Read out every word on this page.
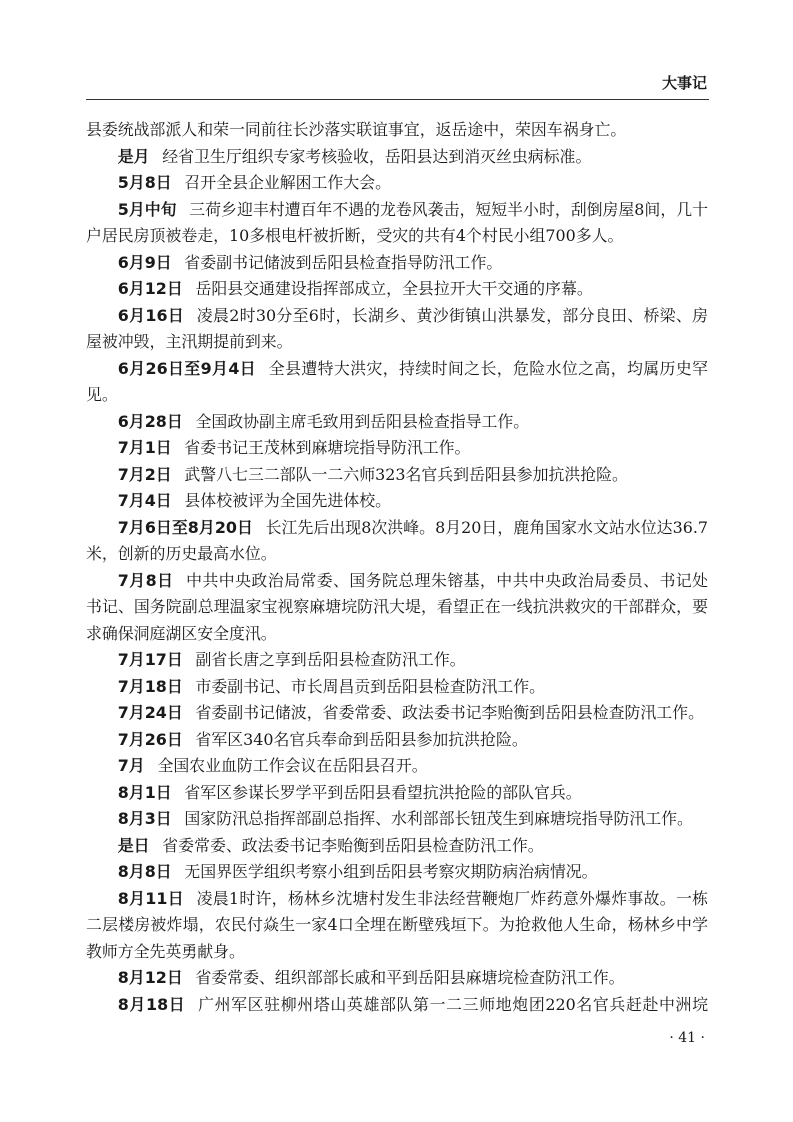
大事记

县委统战部派人和荣一同前往长沙落实联谊事宜，返岳途中，荣因车祸身亡。

是月 经省卫生厅组织专家考核验收，岳阳县达到消灭丝虫病标准。

5月8日 召开全县企业解困工作大会。

5月中旬 三荷乡迎丰村遭百年不遇的龙卷风袭击，短短半小时，刮倒房屋8间，几十户居民房顶被卷走，10多根电杆被折断，受灾的共有4个村民小组700多人。

6月9日 省委副书记储波到岳阳县检查指导防汛工作。

6月12日 岳阳县交通建设指挥部成立，全县拉开大干交通的序幕。

6月16日 凌晨2时30分至6时，长湖乡、黄沙街镇山洪暴发，部分良田、桥梁、房屋被冲毁，主汛期提前到来。

6月26日至9月4日 全县遭特大洪灾，持续时间之长，危险水位之高，均属历史罕见。

6月28日 全国政协副主席毛致用到岳阳县检查指导工作。

7月1日 省委书记王茂林到麻塘垸指导防汛工作。

7月2日 武警八七三二部队一二六师323名官兵到岳阳县参加抗洪抢险。

7月4日 县体校被评为全国先进体校。

7月6日至8月20日 长江先后出现8次洪峰。8月20日，鹿角国家水文站水位达36.7米，创新的历史最高水位。

7月8日 中共中央政治局常委、国务院总理朱镕基，中共中央政治局委员、书记处书记、国务院副总理温家宝视察麻塘垸防汛大堤，看望正在一线抗洪救灾的干部群众，要求确保洞庭湖区安全度汛。

7月17日 副省长唐之享到岳阳县检查防汛工作。

7月18日 市委副书记、市长周昌贡到岳阳县检查防汛工作。

7月24日 省委副书记储波，省委常委、政法委书记李贻衡到岳阳县检查防汛工作。

7月26日 省军区340名官兵奉命到岳阳县参加抗洪抢险。

7月 全国农业血防工作会议在岳阳县召开。

8月1日 省军区参谋长罗学平到岳阳县看望抗洪抢险的部队官兵。

8月3日 国家防汛总指挥部副总指挥、水利部部长钮茂生到麻塘垸指导防汛工作。

是日 省委常委、政法委书记李贻衡到岳阳县检查防汛工作。

8月8日 无国界医学组织考察小组到岳阳县考察灾期防病治病情况。

8月11日 凌晨1时许，杨林乡沈塘村发生非法经营鞭炮厂炸药意外爆炸事故。一栋二层楼房被炸塌，农民付焱生一家4口全埋在断壁残垣下。为抢救他人生命，杨林乡中学教师方全先英勇献身。

8月12日 省委常委、组织部部长戚和平到岳阳县麻塘垸检查防汛工作。

8月18日 广州军区驻柳州塔山英雄部队第一二三师地炮团220名官兵赶赴中洲垸

· 41 ·
